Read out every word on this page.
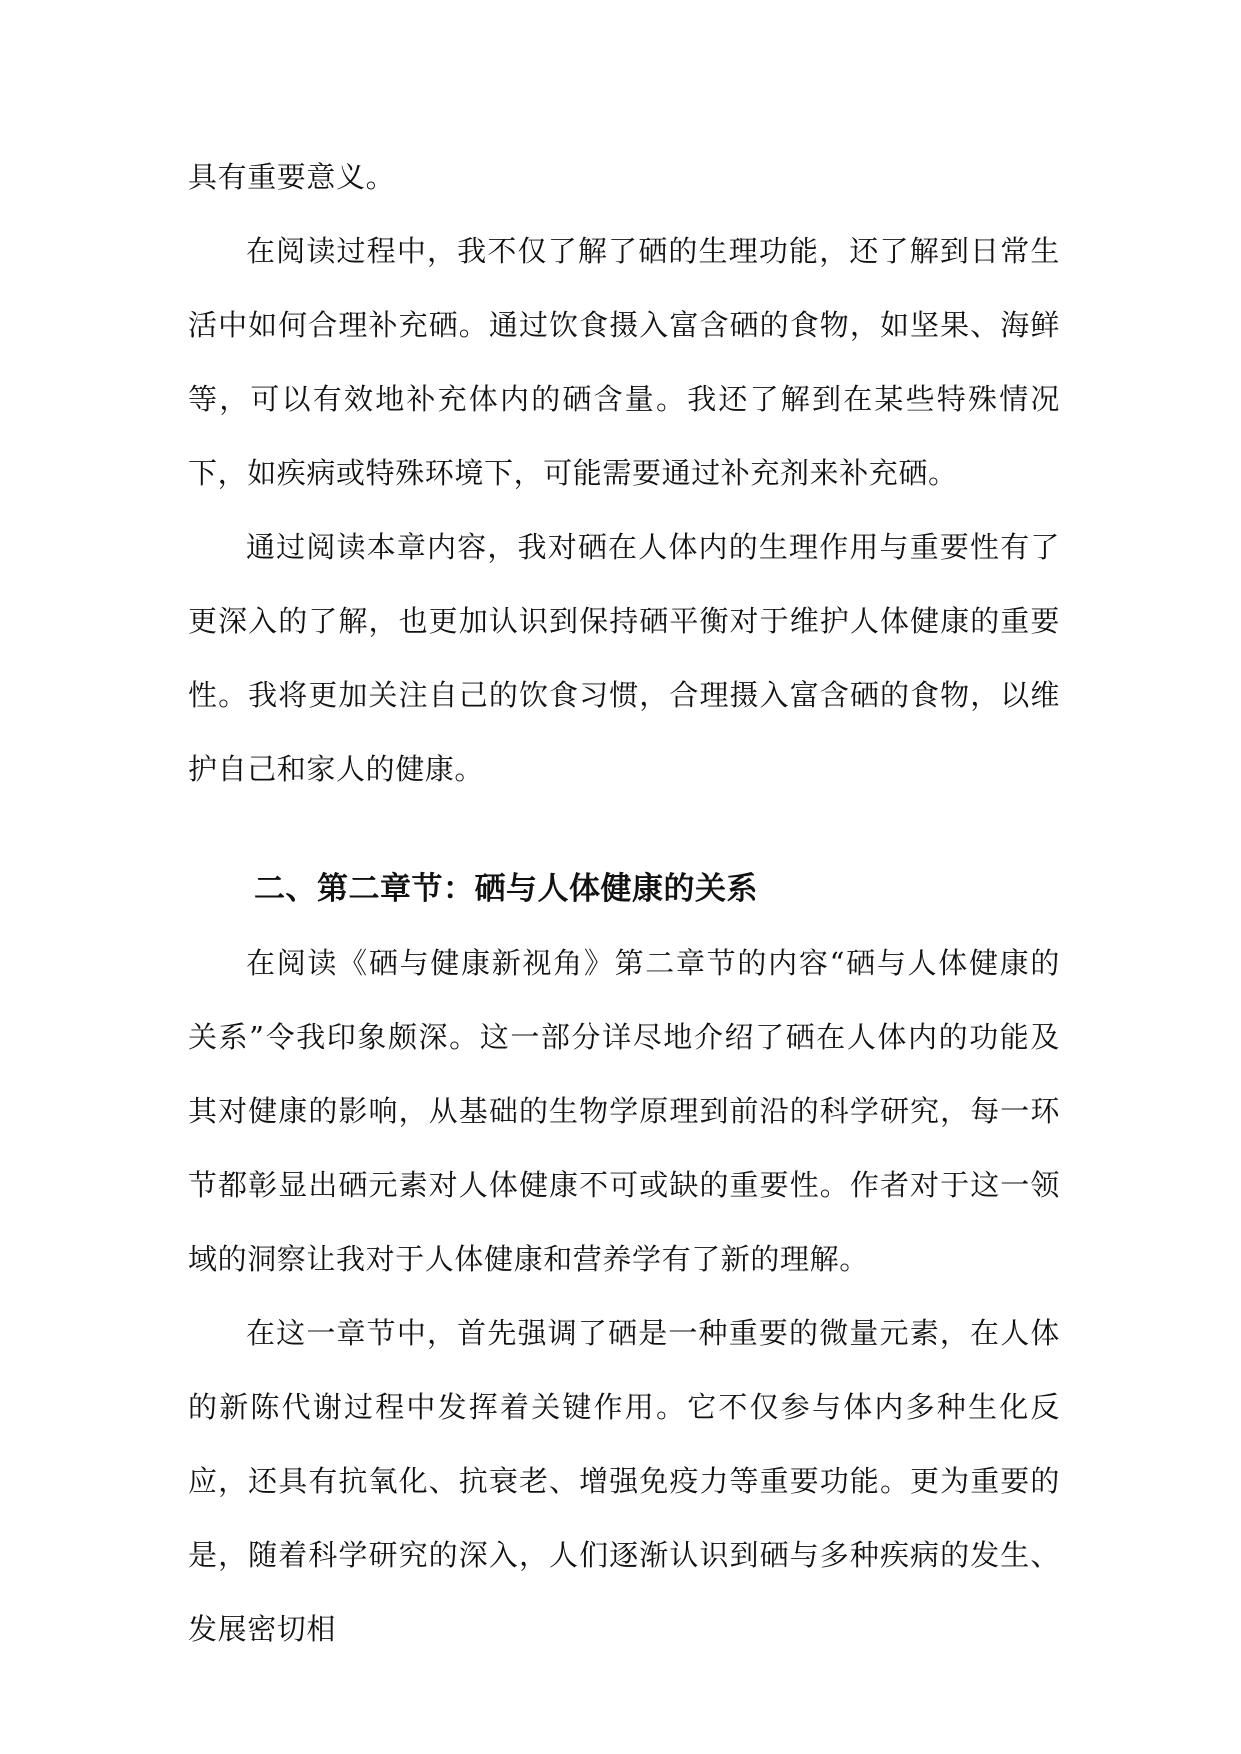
具有重要意义。

在阅读过程中，我不仅了解了硒的生理功能，还了解到日常生活中如何合理补充硒。通过饮食摄入富含硒的食物，如坚果、海鲜等，可以有效地补充体内的硒含量。我还了解到在某些特殊情况下，如疾病或特殊环境下，可能需要通过补充剂来补充硒。

通过阅读本章内容，我对硒在人体内的生理作用与重要性有了更深入的了解，也更加认识到保持硒平衡对于维护人体健康的重要性。我将更加关注自己的饮食习惯，合理摄入富含硒的食物，以维护自己和家人的健康。

二、第二章节：硒与人体健康的关系

在阅读《硒与健康新视角》第二章节的内容“硒与人体健康的关系”令我印象颇深。这一部分详尽地介绍了硒在人体内的功能及其对健康的影响，从基础的生物学原理到前沿的科学研究，每一环节都彰显出硒元素对人体健康不可或缺的重要性。作者对于这一领域的洞察让我对于人体健康和营养学有了新的理解。

在这一章节中，首先强调了硒是一种重要的微量元素，在人体的新陈代谢过程中发挥着关键作用。它不仅参与体内多种生化反应，还具有抗氧化、抗衰老、增强免疫力等重要功能。更为重要的是，随着科学研究的深入，人们逐渐认识到硒与多种疾病的发生、发展密切相
